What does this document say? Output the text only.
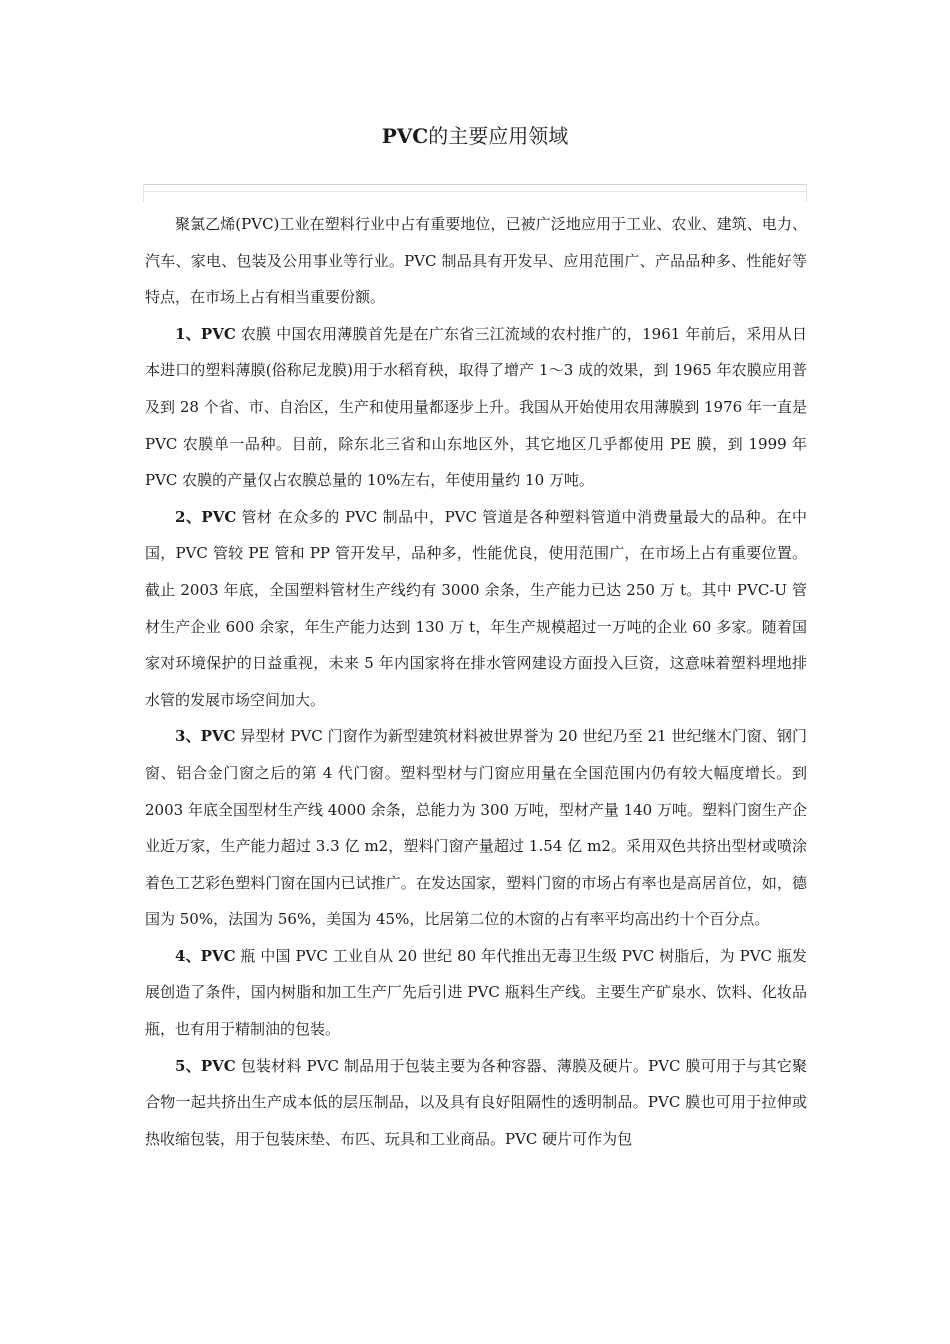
PVC的主要应用领域

聚氯乙烯(PVC)工业在塑料行业中占有重要地位，已被广泛地应用于工业、农业、建筑、电力、汽车、家电、包装及公用事业等行业。PVC 制品具有开发早、应用范围广、产品品种多、性能好等特点，在市场上占有相当重要份额。

1、PVC 农膜 中国农用薄膜首先是在广东省三江流域的农村推广的，1961 年前后，采用从日本进口的塑料薄膜(俗称尼龙膜)用于水稻育秧，取得了增产 1～3 成的效果，到 1965 年农膜应用普及到 28 个省、市、自治区，生产和使用量都逐步上升。我国从开始使用农用薄膜到 1976 年一直是 PVC 农膜单一品种。目前，除东北三省和山东地区外，其它地区几乎都使用 PE 膜，到 1999 年 PVC 农膜的产量仅占农膜总量的 10%左右，年使用量约 10 万吨。

2、PVC 管材 在众多的 PVC 制品中，PVC 管道是各种塑料管道中消费量最大的品种。在中国，PVC 管较 PE 管和 PP 管开发早，品种多，性能优良，使用范围广，在市场上占有重要位置。截止 2003 年底，全国塑料管材生产线约有 3000 余条，生产能力已达 250 万 t。其中 PVC-U 管材生产企业 600 余家，年生产能力达到 130 万 t，年生产规模超过一万吨的企业 60 多家。随着国家对环境保护的日益重视，未来 5 年内国家将在排水管网建设方面投入巨资，这意味着塑料埋地排水管的发展市场空间加大。

3、PVC 异型材 PVC 门窗作为新型建筑材料被世界誉为 20 世纪乃至 21 世纪继木门窗、钢门窗、铝合金门窗之后的第 4 代门窗。塑料型材与门窗应用量在全国范围内仍有较大幅度增长。到 2003 年底全国型材生产线 4000 余条，总能力为 300 万吨，型材产量 140 万吨。塑料门窗生产企业近万家，生产能力超过 3.3 亿 m2，塑料门窗产量超过 1.54 亿 m2。采用双色共挤出型材或喷涂着色工艺彩色塑料门窗在国内已试推广。在发达国家，塑料门窗的市场占有率也是高居首位，如，德国为 50%，法国为 56%，美国为 45%，比居第二位的木窗的占有率平均高出约十个百分点。

4、PVC 瓶 中国 PVC 工业自从 20 世纪 80 年代推出无毒卫生级 PVC 树脂后，为 PVC 瓶发展创造了条件，国内树脂和加工生产厂先后引进 PVC 瓶料生产线。主要生产矿泉水、饮料、化妆品瓶，也有用于精制油的包装。

5、PVC 包装材料 PVC 制品用于包装主要为各种容器、薄膜及硬片。PVC 膜可用于与其它聚合物一起共挤出生产成本低的层压制品，以及具有良好阻隔性的透明制品。PVC 膜也可用于拉伸或热收缩包装，用于包装床垫、布匹、玩具和工业商品。PVC 硬片可作为包
